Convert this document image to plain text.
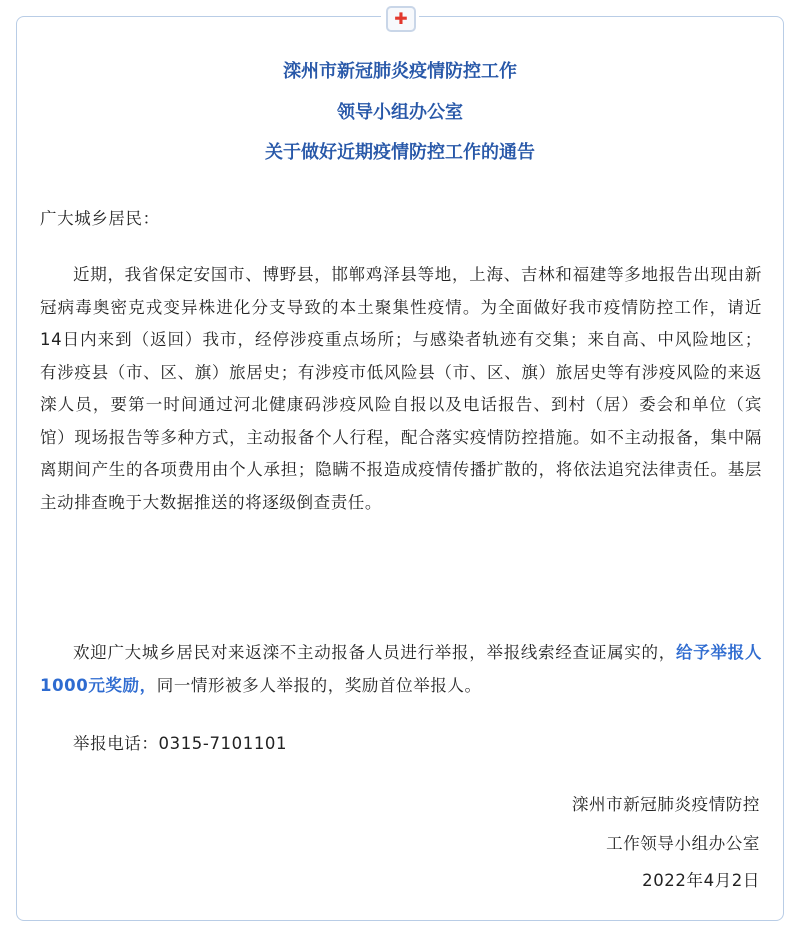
✚
滦州市新冠肺炎疫情防控工作
领导小组办公室
关于做好近期疫情防控工作的通告
广大城乡居民：
近期，我省保定安国市、博野县，邯郸鸡泽县等地，上海、吉林和福建等多地报告出现由新冠病毒奥密克戎变异株进化分支导致的本土聚集性疫情。为全面做好我市疫情防控工作，请近14日内来到（返回）我市，经停涉疫重点场所；与感染者轨迹有交集；来自高、中风险地区；有涉疫县（市、区、旗）旅居史；有涉疫市低风险县（市、区、旗）旅居史等有涉疫风险的来返滦人员，要第一时间通过河北健康码涉疫风险自报以及电话报告、到村（居）委会和单位（宾馆）现场报告等多种方式，主动报备个人行程，配合落实疫情防控措施。如不主动报备，集中隔离期间产生的各项费用由个人承担；隐瞒不报造成疫情传播扩散的，将依法追究法律责任。基层主动排查晚于大数据推送的将逐级倒查责任。
欢迎广大城乡居民对来返滦不主动报备人员进行举报，举报线索经查证属实的，给予举报人1000元奖励，同一情形被多人举报的，奖励首位举报人。
举报电话：0315-7101101
滦州市新冠肺炎疫情防控
工作领导小组办公室
2022年4月2日
